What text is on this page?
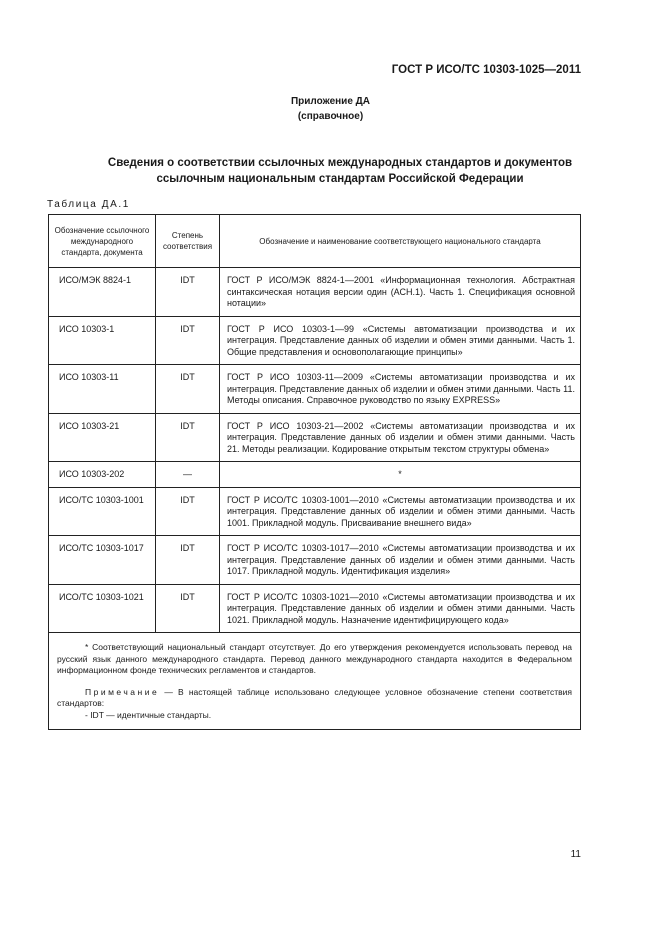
ГОСТ Р ИСО/ТС 10303-1025—2011
Приложение ДА
(справочное)
Сведения о соответствии ссылочных международных стандартов и документов
ссылочным национальным стандартам Российской Федерации
Таблица ДА.1
Обозначение ссылочного международного стандарта, документа	Степень соответствия	Обозначение и наименование соответствующего национального стандарта
ИСО/МЭК 8824-1	IDT	ГОСТ Р ИСО/МЭК 8824-1—2001 «Информационная технология. Абстрактная синтаксическая нотация версии один (АСН.1). Часть 1. Спецификация основной нотации»
ИСО 10303-1	IDT	ГОСТ Р ИСО 10303-1—99 «Системы автоматизации производства и их интеграция. Представление данных об изделии и обмен этими данными. Часть 1. Общие представления и основополагающие принципы»
ИСО 10303-11	IDT	ГОСТ Р ИСО 10303-11—2009 «Системы автоматизации производства и их интеграция. Представление данных об изделии и обмен этими данными. Часть 11. Методы описания. Справочное руководство по языку EXPRESS»
ИСО 10303-21	IDT	ГОСТ Р ИСО 10303-21—2002 «Системы автоматизации производства и их интеграция. Представление данных об изделии и обмен этими данными. Часть 21. Методы реализации. Кодирование открытым текстом структуры обмена»
ИСО 10303-202	—	*
ИСО/ТС 10303-1001	IDT	ГОСТ Р ИСО/ТС 10303-1001—2010 «Системы автоматизации производства и их интеграция. Представление данных об изделии и обмен этими данными. Часть 1001. Прикладной модуль. Присваивание внешнего вида»
ИСО/ТС 10303-1017	IDT	ГОСТ Р ИСО/ТС 10303-1017—2010 «Системы автоматизации производства и их интеграция. Представление данных об изделии и обмен этими данными. Часть 1017. Прикладной модуль. Идентификация изделия»
ИСО/ТС 10303-1021	IDT	ГОСТ Р ИСО/ТС 10303-1021—2010 «Системы автоматизации производства и их интеграция. Представление данных об изделии и обмен этими данными. Часть 1021. Прикладной модуль. Назначение идентифицирующего кода»

* Соответствующий национальный стандарт отсутствует. До его утверждения рекомендуется использовать перевод на русский язык данного международного стандарта. Перевод данного международного стандарта находится в Федеральном информационном фонде технических регламентов и стандартов.

Примечание — В настоящей таблице использовано следующее условное обозначение степени соответствия стандартов:

- IDT — идентичные стандарты.		

11
